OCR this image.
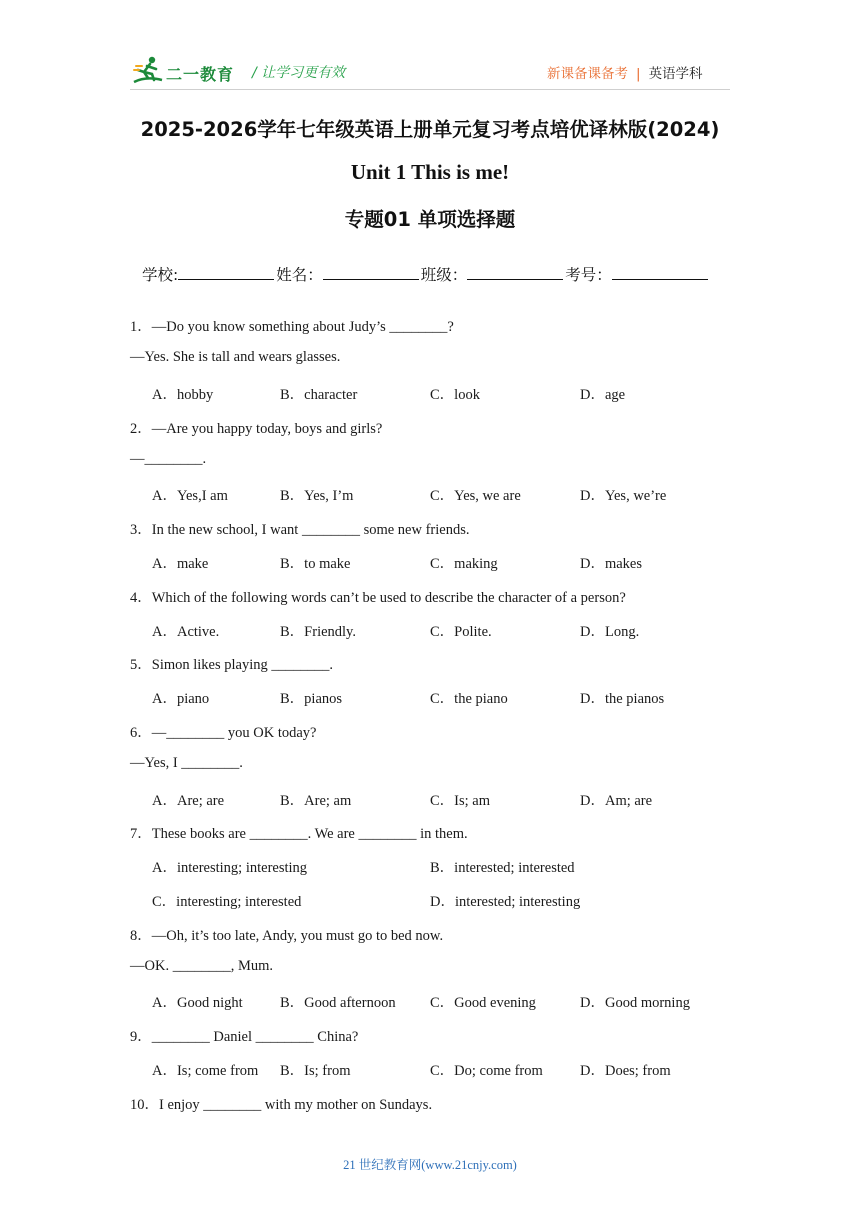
二一教育 / 让学习更有效	新课备课备考 | 英语学科
2025-2026学年七年级英语上册单元复习考点培优译林版(2024)
Unit 1 This is me!
专题01 单项选择题
学校:	姓名：	班级：	考号：
1．—Do you know something about Judy’s ________?
—Yes. She is tall and wears glasses.
A．hobby	B．character	C．look	D．age
2．—Are you happy today, boys and girls?
—________.
A．Yes,I am	B．Yes, I’m	C．Yes, we are	D．Yes, we’re
3．In the new school, I want ________ some new friends.
A．make	B．to make	C．making	D．makes
4．Which of the following words can’t be used to describe the character of a person?
A．Active.	B．Friendly.	C．Polite.	D．Long.
5．Simon likes playing ________.
A．piano	B．pianos	C．the piano	D．the pianos
6．—________ you OK today?
—Yes, I ________.
A．Are; are	B．Are; am	C．Is; am	D．Am; are
7．These books are ________. We are ________ in them.
A．interesting; interesting	B．interested; interested
C．interesting; interested	D．interested; interesting
8．—Oh, it’s too late, Andy, you must go to bed now.
—OK. ________, Mum.
A．Good night	B．Good afternoon C．Good evening	D．Good morning
9．________ Daniel ________ China?
A．Is; come from B．Is; from	C．Do; come from	D．Does; from
10．I enjoy ________ with my mother on Sundays.
21 世纪教育网(www.21cnjy.com)
